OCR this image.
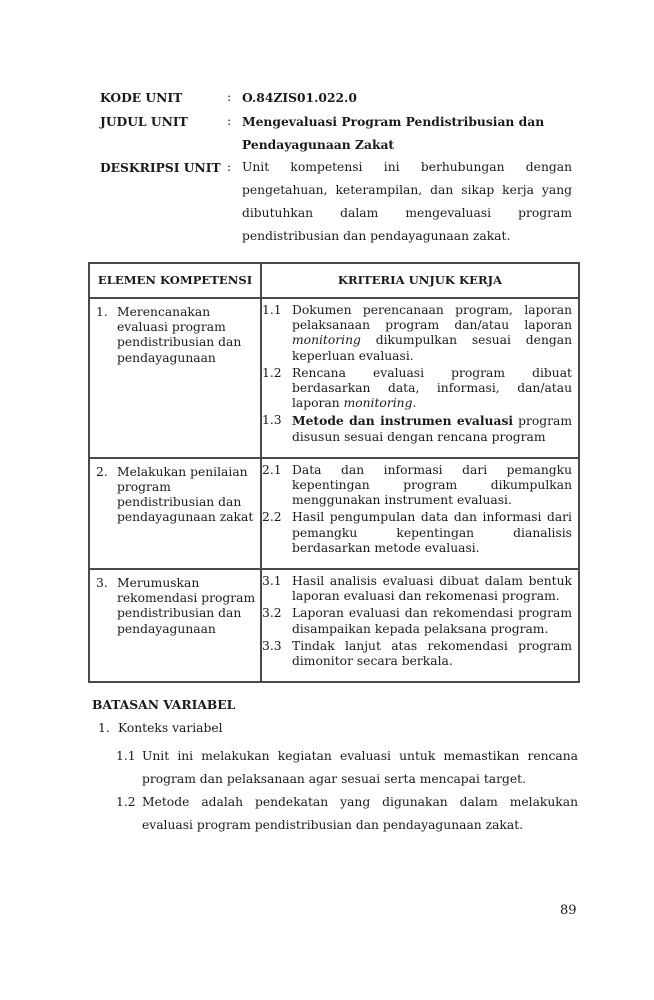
KODE UNIT	: O.84ZIS01.022.0
JUDUL UNIT	: Mengevaluasi Program Pendistribusian dan
Pendayagunaan Zakat
DESKRIPSI UNIT : Unit kompetensi ini berhubungan dengan pengetahuan, keterampilan, dan sikap kerja yang dibutuhkan dalam mengevaluasi program pendistribusian dan pendayagunaan zakat.
ELEMEN KOMPETENSI	KRITERIA UNJUK KERJA

1. Merencanakan evaluasi program pendistribusian dan pendayagunaan

1.1 Dokumen perencanaan program, laporan pelaksanaan program dan/atau laporan monitoring dikumpulkan sesuai dengan keperluan evaluasi.
1.2 Rencana evaluasi program dibuat berdasarkan data, informasi, dan/atau laporan monitoring.
1.3 Metode dan instrumen evaluasi program disusun sesuai dengan rencana program

2. Melakukan penilaian program pendistribusian dan pendayagunaan zakat

2.1 Data dan informasi dari pemangku kepentingan program dikumpulkan menggunakan instrument evaluasi.
2.2 Hasil pengumpulan data dan informasi dari pemangku kepentingan dianalisis berdasarkan metode evaluasi.

3. Merumuskan rekomendasi program pendistribusian dan pendayagunaan

3.1 Hasil analisis evaluasi dibuat dalam bentuk laporan evaluasi dan rekomenasi program.
3.2 Laporan evaluasi dan rekomendasi program disampaikan kepada pelaksana program.
3.3 Tindak lanjut atas rekomendasi program dimonitor secara berkala.
BATASAN VARIABEL
1. Konteks variabel
1.1 Unit ini melakukan kegiatan evaluasi untuk memastikan rencana program dan pelaksanaan agar sesuai serta mencapai target.
1.2 Metode adalah pendekatan yang digunakan dalam melakukan evaluasi program pendistribusian dan pendayagunaan zakat.
89
